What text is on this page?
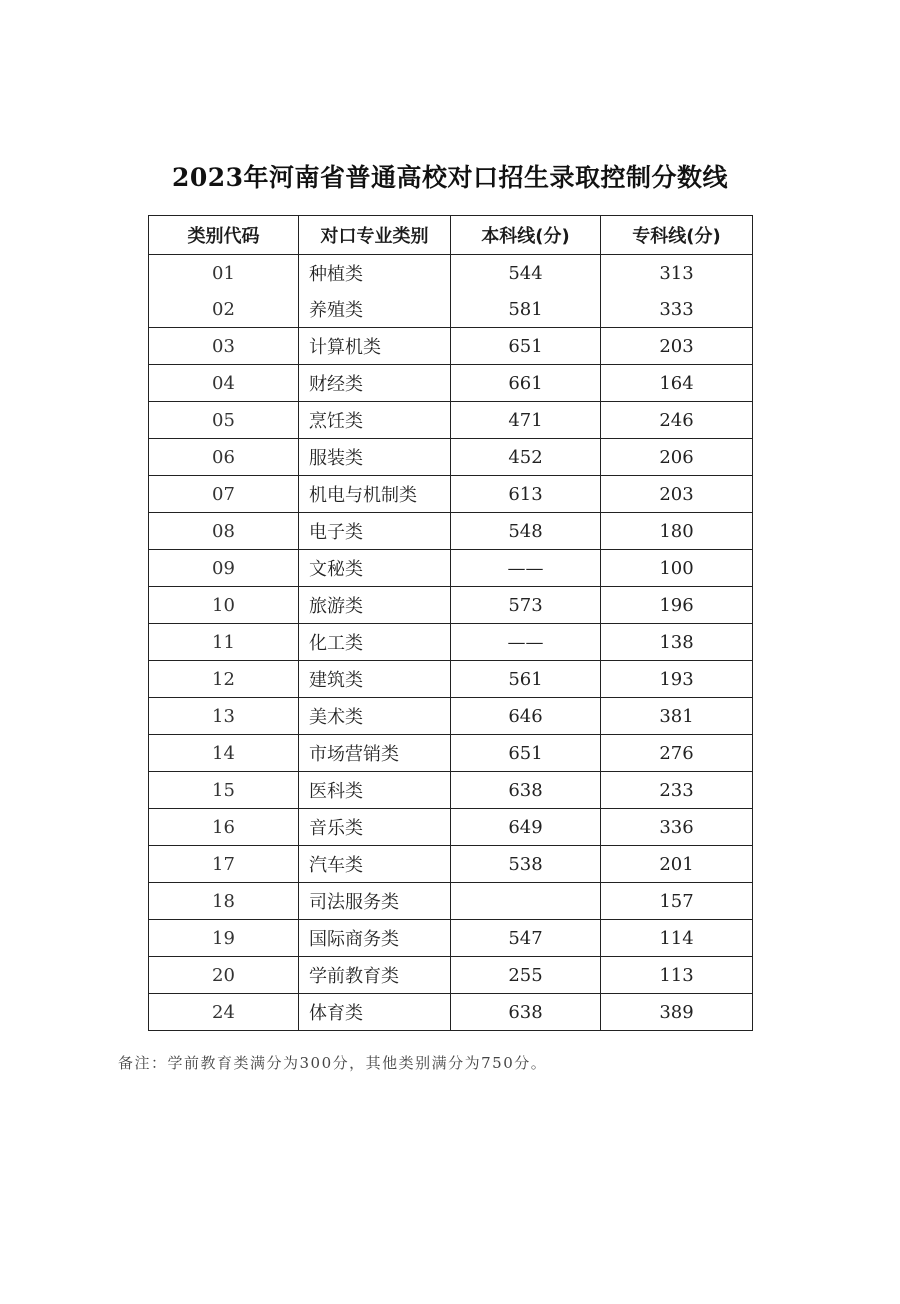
2023年河南省普通高校对口招生录取控制分数线
类别代码	对口专业类别	本科线(分)	专科线(分)
01	种植类	544	313
02	养殖类	581	333
03	计算机类	651	203
04	财经类	661	164
05	烹饪类	471	246
06	服装类	452	206
07	机电与机制类	613	203
08	电子类	548	180
09	文秘类	——	100
10	旅游类	573	196
11	化工类	——	138
12	建筑类	561	193
13	美术类	646	381
14	市场营销类	651	276
15	医科类	638	233
16	音乐类	649	336
17	汽车类	538	201
18	司法服务类		157
19	国际商务类	547	114
20	学前教育类	255	113
24	体育类	638	389
备注：学前教育类满分为300分，其他类别满分为750分。
